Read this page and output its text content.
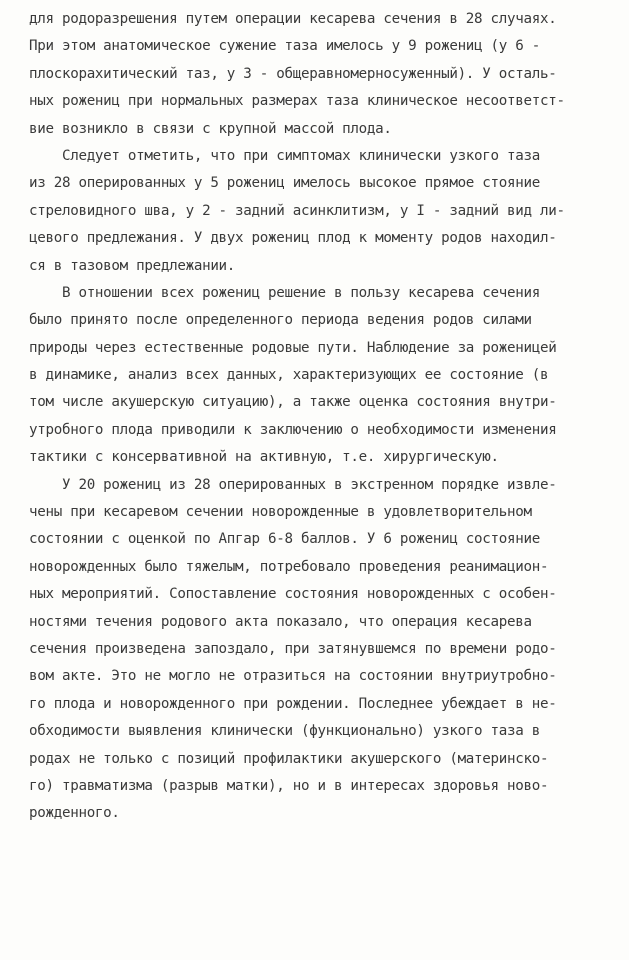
для родоразрешения путем операции кесарева сечения в 28 случаях.
При этом анатомическое сужение таза имелось у 9 рожениц (у 6 -
плоскорахитический таз, у 3 - общеравномерносуженный). У осталь-
ных рожениц при нормальных размерах таза клиническое несоответст-
вие возникло в связи с крупной массой плода.
Следует отметить, что при симптомах клинически узкого таза
из 28 оперированных у 5 рожениц имелось высокое прямое стояние
стреловидного шва, у 2 - задний асинклитизм, у I - задний вид ли-
цевого предлежания. У двух рожениц плод к моменту родов находил-
ся в тазовом предлежании.
В отношении всех рожениц решение в пользу кесарева сечения
было принято после определенного периода ведения родов силами
природы через естественные родовые пути. Наблюдение за роженицей
в динамике, анализ всех данных, характеризующих ее состояние (в
том числе акушерскую ситуацию), а также оценка состояния внутри-
утробного плода приводили к заключению о необходимости изменения
тактики с консервативной на активную, т.е. хирургическую.
У 20 рожениц из 28 оперированных в экстренном порядке извле-
чены при кесаревом сечении новорожденные в удовлетворительном
состоянии с оценкой по Апгар 6-8 баллов. У 6 рожениц состояние
новорожденных было тяжелым, потребовало проведения реанимацион-
ных мероприятий. Сопоставление состояния новорожденных с особен-
ностями течения родового акта показало, что операция кесарева
сечения произведена запоздало, при затянувшемся по времени родо-
вом акте. Это не могло не отразиться на состоянии внутриутробно-
го плода и новорожденного при рождении. Последнее убеждает в не-
обходимости выявления клинически (функционально) узкого таза в
родах не только с позиций профилактики акушерского (материнско-
го) травматизма (разрыв матки), но и в интересах здоровья ново-
рожденного.
